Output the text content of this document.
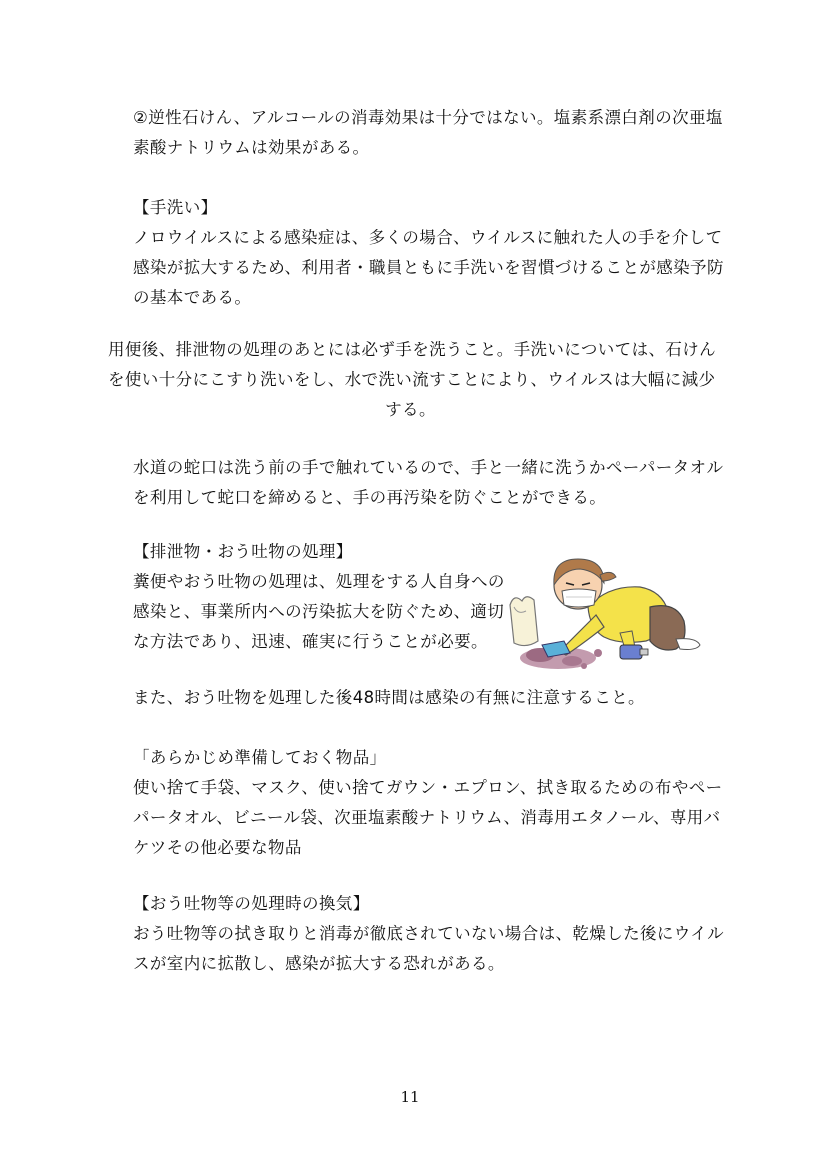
②逆性石けん、アルコールの消毒効果は十分ではない。塩素系漂白剤の次亜塩
素酸ナトリウムは効果がある。

【手洗い】

ノロウイルスによる感染症は、多くの場合、ウイルスに触れた人の手を介して
感染が拡大するため、利用者・職員ともに手洗いを習慣づけることが感染予防
の基本である。

用便後、排泄物の処理のあとには必ず手を洗うこと。手洗いについては、石けん
を使い十分にこすり洗いをし、水で洗い流すことにより、ウイルスは大幅に減少
する。

水道の蛇口は洗う前の手で触れているので、手と一緒に洗うかペーパータオル
を利用して蛇口を締めると、手の再汚染を防ぐことができる。

【排泄物・おう吐物の処理】

糞便やおう吐物の処理は、処理をする人自身への
感染と、事業所内への汚染拡大を防ぐため、適切
な方法であり、迅速、確実に行うことが必要。

また、おう吐物を処理した後48時間は感染の有無に注意すること。

「あらかじめ準備しておく物品」

使い捨て手袋、マスク、使い捨てガウン・エプロン、拭き取るための布やペー
パータオル、ビニール袋、次亜塩素酸ナトリウム、消毒用エタノール、専用バ
ケツその他必要な物品

【おう吐物等の処理時の換気】

おう吐物等の拭き取りと消毒が徹底されていない場合は、乾燥した後にウイル
スが室内に拡散し、感染が拡大する恐れがある。

11
